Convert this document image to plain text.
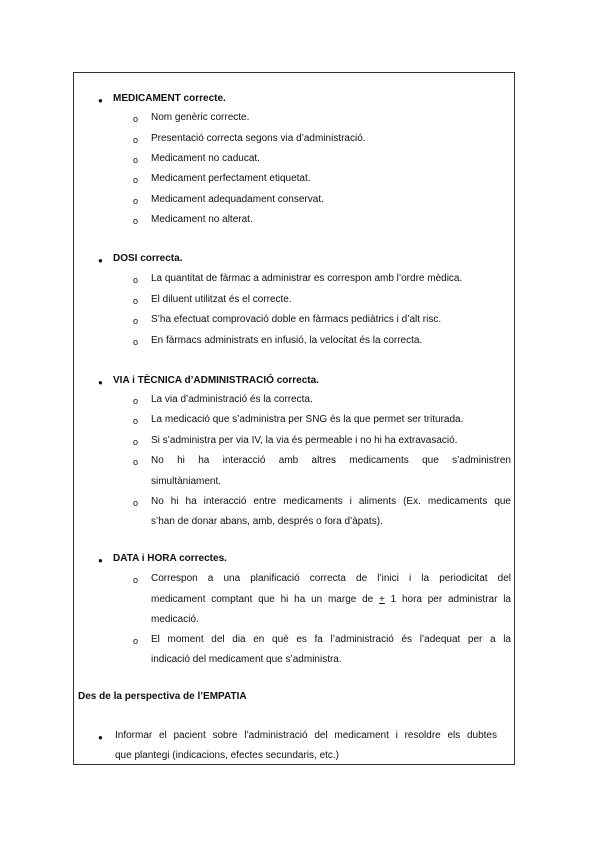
● MEDICAMENT correcte.
o Nom genèric correcte.
o Presentació correcta segons via d’administració.
o Medicament no caducat.
o Medicament perfectament etiquetat.
o Medicament adequadament conservat.
o Medicament no alterat.
● DOSI correcta.
o La quantitat de fàrmac a administrar es correspon amb l’ordre mèdica.
o El diluent utilitzat és el correcte.
o S’ha efectuat comprovació doble en fàrmacs pediàtrics i d’alt risc.
o En fàrmacs administrats en infusió, la velocitat és la correcta.
● VIA i TÈCNICA d’ADMINISTRACIÓ correcta.
o La via d’administració és la correcta.
o La medicació que s’administra per SNG és la que permet ser triturada.
o Si s’administra per via IV, la via és permeable i no hi ha extravasació.
o No hi ha interacció amb altres medicaments que s’administren
simultàniament.
o No hi ha interacció entre medicaments i aliments (Ex. medicaments que
s’han de donar abans, amb, després o fora d’àpats).
● DATA i HORA correctes.
o Correspon a una planificació correcta de l’inici i la periodicitat del
medicament comptant que hi ha un marge de + 1 hora per administrar la
medicació.
o El moment del dia en què es fa l’administració és l’adequat per a la
indicació del medicament que s’administra.
Des de la perspectiva de l’EMPATIA
● Informar el pacient sobre l’administració del medicament i resoldre els dubtes
que plantegi (indicacions, efectes secundaris, etc.)
